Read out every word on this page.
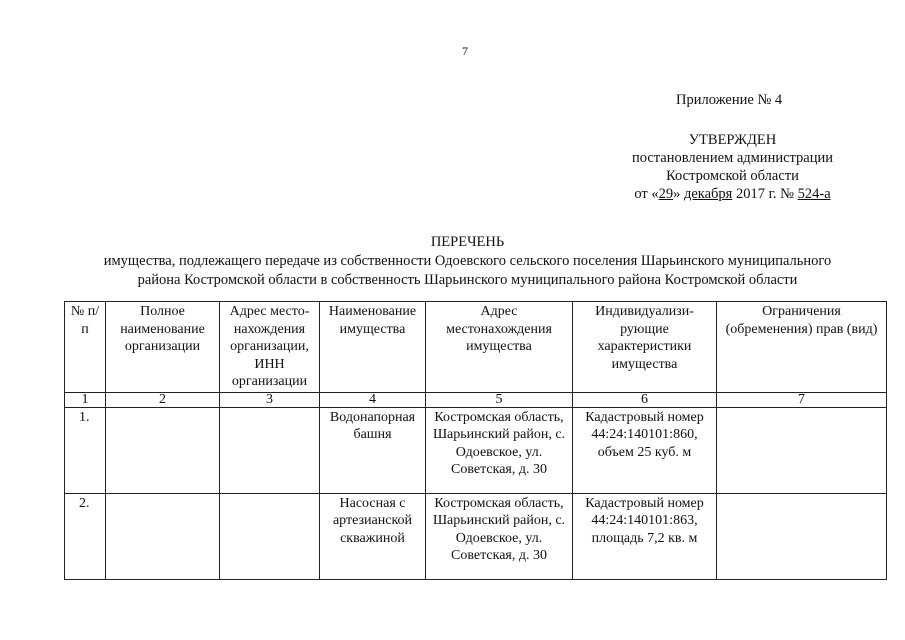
7
Приложение № 4
УТВЕРЖДЕН
постановлением администрации
Костромской области
от «29» декабря 2017 г. № 524-а
ПЕРЕЧЕНЬ
имущества, подлежащего передаче из собственности Одоевского сельского поселения Шарьинского муниципального
района Костромской области в собственность Шарьинского муниципального района Костромской области
№ п/п	Полное наименование организации	Адрес место-нахождения организации, ИНН организации	Наименование имущества	Адрес местонахождения имущества	Индивидуализи-рующие характеристики имущества	Ограничения (обременения) прав (вид)
1	2	3	4	5	6	7
1.			Водонапорная башня	Костромская область, Шарьинский район, с. Одоевское, ул. Советская, д. 30	Кадастровый номер 44:24:140101:860, объем 25 куб. м	
2.			Насосная с артезианской скважиной	Костромская область, Шарьинский район, с. Одоевское, ул. Советская, д. 30	Кадастровый номер 44:24:140101:863, площадь 7,2 кв. м	
